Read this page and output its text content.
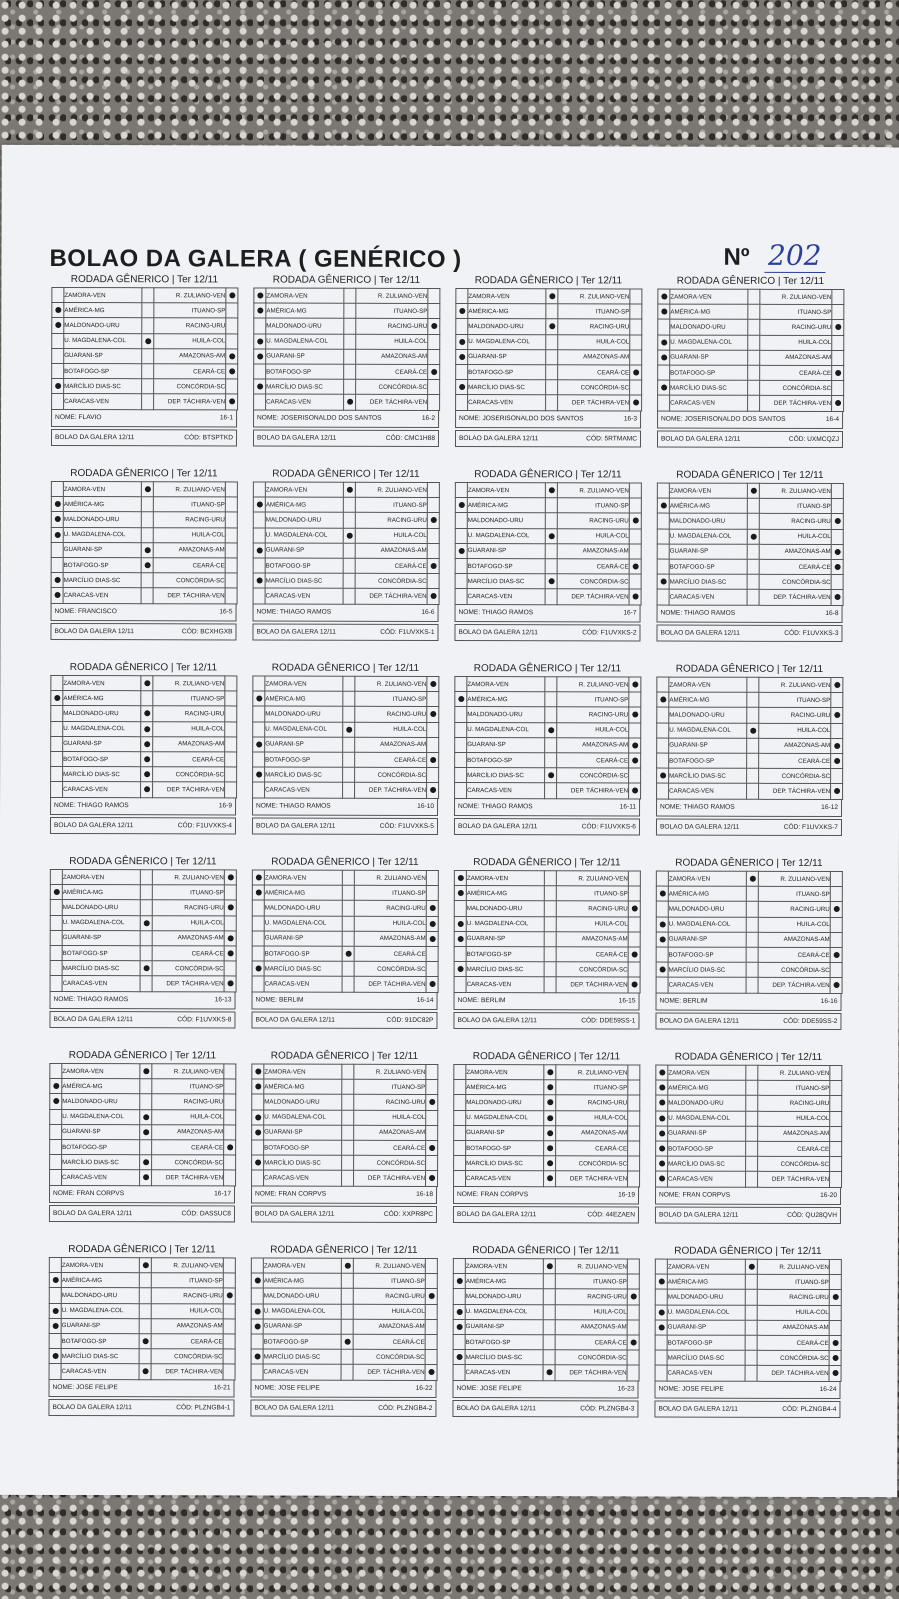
BOLAO DA GALERA ( GENÉRICO )	Nº 202
RODADA GÊNERICO | Ter 12/11
	ZAMORA-VEN		R. ZULIANO-VEN	
	AMÉRICA-MG		ITUANO-SP	
	MALDONADO-URU		RACING-URU	
	U. MAGDALENA-COL		HUILA-COL	
	GUARANI-SP		AMAZONAS-AM	
	BOTAFOGO-SP		CEARÁ-CE	
	MARCÍLIO DIAS-SC		CONCÓRDIA-SC	
	CARACAS-VEN		DEP. TÁCHIRA-VEN	
NOME: FLAVIO	16-1
BOLAO DA GALERA 12/11	CÓD: BTSPTKD
RODADA GÊNERICO | Ter 12/11
	ZAMORA-VEN		R. ZULIANO-VEN	
	AMÉRICA-MG		ITUANO-SP	
	MALDONADO-URU		RACING-URU	
	U. MAGDALENA-COL		HUILA-COL	
	GUARANI-SP		AMAZONAS-AM	
	BOTAFOGO-SP		CEARÁ-CE	
	MARCÍLIO DIAS-SC		CONCÓRDIA-SC	
	CARACAS-VEN		DEP. TÁCHIRA-VEN	
NOME: JOSERISONALDO DOS SANTOS	16-2
BOLAO DA GALERA 12/11	CÓD: CMC1H88
RODADA GÊNERICO | Ter 12/11
	ZAMORA-VEN		R. ZULIANO-VEN	
	AMÉRICA-MG		ITUANO-SP	
	MALDONADO-URU		RACING-URU	
	U. MAGDALENA-COL		HUILA-COL	
	GUARANI-SP		AMAZONAS-AM	
	BOTAFOGO-SP		CEARÁ-CE	
	MARCÍLIO DIAS-SC		CONCÓRDIA-SC	
	CARACAS-VEN		DEP. TÁCHIRA-VEN	
NOME: JOSERISONALDO DOS SANTOS	16-3
BOLAO DA GALERA 12/11	CÓD: 5RTMAMC
RODADA GÊNERICO | Ter 12/11
	ZAMORA-VEN		R. ZULIANO-VEN	
	AMÉRICA-MG		ITUANO-SP	
	MALDONADO-URU		RACING-URU	
	U. MAGDALENA-COL		HUILA-COL	
	GUARANI-SP		AMAZONAS-AM	
	BOTAFOGO-SP		CEARÁ-CE	
	MARCÍLIO DIAS-SC		CONCÓRDIA-SC	
	CARACAS-VEN		DEP. TÁCHIRA-VEN	
NOME: JOSERISONALDO DOS SANTOS	16-4
BOLAO DA GALERA 12/11	CÓD: UXMCQZJ
RODADA GÊNERICO | Ter 12/11
	ZAMORA-VEN		R. ZULIANO-VEN	
	AMÉRICA-MG		ITUANO-SP	
	MALDONADO-URU		RACING-URU	
	U. MAGDALENA-COL		HUILA-COL	
	GUARANI-SP		AMAZONAS-AM	
	BOTAFOGO-SP		CEARÁ-CE	
	MARCÍLIO DIAS-SC		CONCÓRDIA-SC	
	CARACAS-VEN		DEP. TÁCHIRA-VEN	
NOME: FRANCISCO	16-5
BOLAO DA GALERA 12/11	CÓD: BCXHGXB
RODADA GÊNERICO | Ter 12/11
	ZAMORA-VEN		R. ZULIANO-VEN	
	AMÉRICA-MG		ITUANO-SP	
	MALDONADO-URU		RACING-URU	
	U. MAGDALENA-COL		HUILA-COL	
	GUARANI-SP		AMAZONAS-AM	
	BOTAFOGO-SP		CEARÁ-CE	
	MARCÍLIO DIAS-SC		CONCÓRDIA-SC	
	CARACAS-VEN		DEP. TÁCHIRA-VEN	
NOME: THIAGO RAMOS	16-6
BOLAO DA GALERA 12/11	CÓD: F1UVXKS-1
RODADA GÊNERICO | Ter 12/11
	ZAMORA-VEN		R. ZULIANO-VEN	
	AMÉRICA-MG		ITUANO-SP	
	MALDONADO-URU		RACING-URU	
	U. MAGDALENA-COL		HUILA-COL	
	GUARANI-SP		AMAZONAS-AM	
	BOTAFOGO-SP		CEARÁ-CE	
	MARCÍLIO DIAS-SC		CONCÓRDIA-SC	
	CARACAS-VEN		DEP. TÁCHIRA-VEN	
NOME: THIAGO RAMOS	16-7
BOLAO DA GALERA 12/11	CÓD: F1UVXKS-2
RODADA GÊNERICO | Ter 12/11
	ZAMORA-VEN		R. ZULIANO-VEN	
	AMÉRICA-MG		ITUANO-SP	
	MALDONADO-URU		RACING-URU	
	U. MAGDALENA-COL		HUILA-COL	
	GUARANI-SP		AMAZONAS-AM	
	BOTAFOGO-SP		CEARÁ-CE	
	MARCÍLIO DIAS-SC		CONCÓRDIA-SC	
	CARACAS-VEN		DEP. TÁCHIRA-VEN	
NOME: THIAGO RAMOS	16-8
BOLAO DA GALERA 12/11	CÓD: F1UVXKS-3
RODADA GÊNERICO | Ter 12/11
	ZAMORA-VEN		R. ZULIANO-VEN	
	AMÉRICA-MG		ITUANO-SP	
	MALDONADO-URU		RACING-URU	
	U. MAGDALENA-COL		HUILA-COL	
	GUARANI-SP		AMAZONAS-AM	
	BOTAFOGO-SP		CEARÁ-CE	
	MARCÍLIO DIAS-SC		CONCÓRDIA-SC	
	CARACAS-VEN		DEP. TÁCHIRA-VEN	
NOME: THIAGO RAMOS	16-9
BOLAO DA GALERA 12/11	CÓD: F1UVXKS-4
RODADA GÊNERICO | Ter 12/11
	ZAMORA-VEN		R. ZULIANO-VEN	
	AMÉRICA-MG		ITUANO-SP	
	MALDONADO-URU		RACING-URU	
	U. MAGDALENA-COL		HUILA-COL	
	GUARANI-SP		AMAZONAS-AM	
	BOTAFOGO-SP		CEARÁ-CE	
	MARCÍLIO DIAS-SC		CONCÓRDIA-SC	
	CARACAS-VEN		DEP. TÁCHIRA-VEN	
NOME: THIAGO RAMOS	16-10
BOLAO DA GALERA 12/11	CÓD: F1UVXKS-5
RODADA GÊNERICO | Ter 12/11
	ZAMORA-VEN		R. ZULIANO-VEN	
	AMÉRICA-MG		ITUANO-SP	
	MALDONADO-URU		RACING-URU	
	U. MAGDALENA-COL		HUILA-COL	
	GUARANI-SP		AMAZONAS-AM	
	BOTAFOGO-SP		CEARÁ-CE	
	MARCÍLIO DIAS-SC		CONCÓRDIA-SC	
	CARACAS-VEN		DEP. TÁCHIRA-VEN	
NOME: THIAGO RAMOS	16-11
BOLAO DA GALERA 12/11	CÓD: F1UVXKS-6
RODADA GÊNERICO | Ter 12/11
	ZAMORA-VEN		R. ZULIANO-VEN	
	AMÉRICA-MG		ITUANO-SP	
	MALDONADO-URU		RACING-URU	
	U. MAGDALENA-COL		HUILA-COL	
	GUARANI-SP		AMAZONAS-AM	
	BOTAFOGO-SP		CEARÁ-CE	
	MARCÍLIO DIAS-SC		CONCÓRDIA-SC	
	CARACAS-VEN		DEP. TÁCHIRA-VEN	
NOME: THIAGO RAMOS	16-12
BOLAO DA GALERA 12/11	CÓD: F1UVXKS-7
RODADA GÊNERICO | Ter 12/11
	ZAMORA-VEN		R. ZULIANO-VEN	
	AMÉRICA-MG		ITUANO-SP	
	MALDONADO-URU		RACING-URU	
	U. MAGDALENA-COL		HUILA-COL	
	GUARANI-SP		AMAZONAS-AM	
	BOTAFOGO-SP		CEARÁ-CE	
	MARCÍLIO DIAS-SC		CONCÓRDIA-SC	
	CARACAS-VEN		DEP. TÁCHIRA-VEN	
NOME: THIAGO RAMOS	16-13
BOLAO DA GALERA 12/11	CÓD: F1UVXKS-8
RODADA GÊNERICO | Ter 12/11
	ZAMORA-VEN		R. ZULIANO-VEN	
	AMÉRICA-MG		ITUANO-SP	
	MALDONADO-URU		RACING-URU	
	U. MAGDALENA-COL		HUILA-COL	
	GUARANI-SP		AMAZONAS-AM	
	BOTAFOGO-SP		CEARÁ-CE	
	MARCÍLIO DIAS-SC		CONCÓRDIA-SC	
	CARACAS-VEN		DEP. TÁCHIRA-VEN	
NOME: BERLIM	16-14
BOLAO DA GALERA 12/11	CÓD: 91DC82P
RODADA GÊNERICO | Ter 12/11
	ZAMORA-VEN		R. ZULIANO-VEN	
	AMÉRICA-MG		ITUANO-SP	
	MALDONADO-URU		RACING-URU	
	U. MAGDALENA-COL		HUILA-COL	
	GUARANI-SP		AMAZONAS-AM	
	BOTAFOGO-SP		CEARÁ-CE	
	MARCÍLIO DIAS-SC		CONCÓRDIA-SC	
	CARACAS-VEN		DEP. TÁCHIRA-VEN	
NOME: BERLIM	16-15
BOLAO DA GALERA 12/11	CÓD: DDE59SS-1
RODADA GÊNERICO | Ter 12/11
	ZAMORA-VEN		R. ZULIANO-VEN	
	AMÉRICA-MG		ITUANO-SP	
	MALDONADO-URU		RACING-URU	
	U. MAGDALENA-COL		HUILA-COL	
	GUARANI-SP		AMAZONAS-AM	
	BOTAFOGO-SP		CEARÁ-CE	
	MARCÍLIO DIAS-SC		CONCÓRDIA-SC	
	CARACAS-VEN		DEP. TÁCHIRA-VEN	
NOME: BERLIM	16-16
BOLAO DA GALERA 12/11	CÓD: DDE59SS-2
RODADA GÊNERICO | Ter 12/11
	ZAMORA-VEN		R. ZULIANO-VEN	
	AMÉRICA-MG		ITUANO-SP	
	MALDONADO-URU		RACING-URU	
	U. MAGDALENA-COL		HUILA-COL	
	GUARANI-SP		AMAZONAS-AM	
	BOTAFOGO-SP		CEARÁ-CE	
	MARCÍLIO DIAS-SC		CONCÓRDIA-SC	
	CARACAS-VEN		DEP. TÁCHIRA-VEN	
NOME: FRAN CORPVS	16-17
BOLAO DA GALERA 12/11	CÓD: DASSUC8
RODADA GÊNERICO | Ter 12/11
	ZAMORA-VEN		R. ZULIANO-VEN	
	AMÉRICA-MG		ITUANO-SP	
	MALDONADO-URU		RACING-URU	
	U. MAGDALENA-COL		HUILA-COL	
	GUARANI-SP		AMAZONAS-AM	
	BOTAFOGO-SP		CEARÁ-CE	
	MARCÍLIO DIAS-SC		CONCÓRDIA-SC	
	CARACAS-VEN		DEP. TÁCHIRA-VEN	
NOME: FRAN CORPVS	16-18
BOLAO DA GALERA 12/11	CÓD: XXPR8PC
RODADA GÊNERICO | Ter 12/11
	ZAMORA-VEN		R. ZULIANO-VEN	
	AMÉRICA-MG		ITUANO-SP	
	MALDONADO-URU		RACING-URU	
	U. MAGDALENA-COL		HUILA-COL	
	GUARANI-SP		AMAZONAS-AM	
	BOTAFOGO-SP		CEARÁ-CE	
	MARCÍLIO DIAS-SC		CONCÓRDIA-SC	
	CARACAS-VEN		DEP. TÁCHIRA-VEN	
NOME: FRAN CORPVS	16-19
BOLAO DA GALERA 12/11	CÓD: 44EZAEN
RODADA GÊNERICO | Ter 12/11
	ZAMORA-VEN		R. ZULIANO-VEN	
	AMÉRICA-MG		ITUANO-SP	
	MALDONADO-URU		RACING-URU	
	U. MAGDALENA-COL		HUILA-COL	
	GUARANI-SP		AMAZONAS-AM	
	BOTAFOGO-SP		CEARÁ-CE	
	MARCÍLIO DIAS-SC		CONCÓRDIA-SC	
	CARACAS-VEN		DEP. TÁCHIRA-VEN	
NOME: FRAN CORPVS	16-20
BOLAO DA GALERA 12/11	CÓD: QU28QVH
RODADA GÊNERICO | Ter 12/11
	ZAMORA-VEN		R. ZULIANO-VEN	
	AMÉRICA-MG		ITUANO-SP	
	MALDONADO-URU		RACING-URU	
	U. MAGDALENA-COL		HUILA-COL	
	GUARANI-SP		AMAZONAS-AM	
	BOTAFOGO-SP		CEARÁ-CE	
	MARCÍLIO DIAS-SC		CONCÓRDIA-SC	
	CARACAS-VEN		DEP. TÁCHIRA-VEN	
NOME: JOSE FELIPE	16-21
BOLAO DA GALERA 12/11	CÓD: PLZNGB4-1
RODADA GÊNERICO | Ter 12/11
	ZAMORA-VEN		R. ZULIANO-VEN	
	AMÉRICA-MG		ITUANO-SP	
	MALDONADO-URU		RACING-URU	
	U. MAGDALENA-COL		HUILA-COL	
	GUARANI-SP		AMAZONAS-AM	
	BOTAFOGO-SP		CEARÁ-CE	
	MARCÍLIO DIAS-SC		CONCÓRDIA-SC	
	CARACAS-VEN		DEP. TÁCHIRA-VEN	
NOME: JOSE FELIPE	16-22
BOLAO DA GALERA 12/11	CÓD: PLZNGB4-2
RODADA GÊNERICO | Ter 12/11
	ZAMORA-VEN		R. ZULIANO-VEN	
	AMÉRICA-MG		ITUANO-SP	
	MALDONADO-URU		RACING-URU	
	U. MAGDALENA-COL		HUILA-COL	
	GUARANI-SP		AMAZONAS-AM	
	BOTAFOGO-SP		CEARÁ-CE	
	MARCÍLIO DIAS-SC		CONCÓRDIA-SC	
	CARACAS-VEN		DEP. TÁCHIRA-VEN	
NOME: JOSE FELIPE	16-23
BOLAO DA GALERA 12/11	CÓD: PLZNGB4-3
RODADA GÊNERICO | Ter 12/11
	ZAMORA-VEN		R. ZULIANO-VEN	
	AMÉRICA-MG		ITUANO-SP	
	MALDONADO-URU		RACING-URU	
	U. MAGDALENA-COL		HUILA-COL	
	GUARANI-SP		AMAZONAS-AM	
	BOTAFOGO-SP		CEARÁ-CE	
	MARCÍLIO DIAS-SC		CONCÓRDIA-SC	
	CARACAS-VEN		DEP. TÁCHIRA-VEN	
NOME: JOSE FELIPE	16-24
BOLAO DA GALERA 12/11	CÓD: PLZNGB4-4
